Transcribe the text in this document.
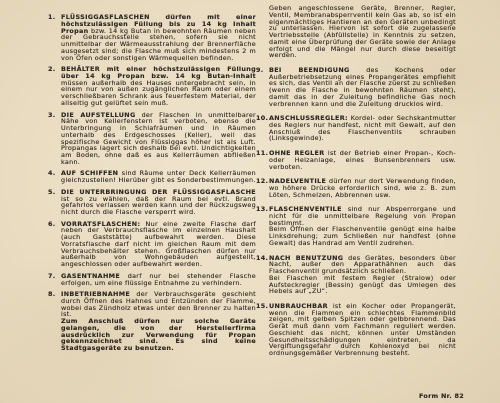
1. FLÜSSIGGASFLASCHEN dürfen mit einer höchstzulässigen Füllung bis zu 14 kg Inhalt Propan bzw. 14 kg Butan in bewohnten Räumen neben der Gebrauchsstelle stehen, sofern sie nicht unmittelbar der Wärmeausstrahlung der Brennerfläche ausgesetzt sind; die Flasche muß sich mindestens 2 m von Öfen oder sonstigen Wärmequellen befinden.
2. BEHÄLTER mit einer höchstzulässigen Füllung über 14 kg Propan bzw. 14 kg Butan-Inhalt müssen außerhalb des Hauses untergebracht sein, in einem nur von außen zugänglichen Raum oder einem verschließbaren Schrank aus feuerfestem Material, der allseitig gut gelüftet sein muß.
3. DIE AUFSTELLUNG der Flaschen in unmittelbarer Nähe von Kellerfenstern ist verboten, ebenso die Unterbringung in Schlafräumen und in Räumen unterhalb des Erdgeschosses (Keller), weil das spezifische Gewicht von Flüssiggas höher ist als Luft. Propangas lagert sich deshalb bei evtl. Undichtigkeiten am Boden, ohne daß es aus Kellerräumen abfließen kann.
4. AUF SCHIFFEN sind Räume unter Deck Kellerräumen gleichzustellen! Hierüber gibt es Sonderbestimmungen.
5. DIE UNTERBRINGUNG DER FLÜSSIGGASFLASCHE ist so zu wählen, daß der Raum bei evtl. Brand gefahrlos verlassen werden kann und der Rückzugsweg nicht durch die Flasche versperrt wird.
6. VORRATSFLASCHEN: Nur eine zweite Flasche darf neben der Verbrauchsflasche im einzelnen Haushalt (auch Gaststätte) aufbewahrt werden. Diese Vorratsflasche darf nicht im gleichen Raum mit dem Verbrauchsbehälter stehen. Großflaschen dürfen nur außerhalb von Wohngebäuden aufgestellt, angeschlossen oder aufbewahrt werden.
7. GASENTNAHME darf nur bei stehender Flasche erfolgen, um eine flüssige Entnahme zu verhindern.
8. INBETRIEBNAHME der Verbrauchsgeräte geschieht durch Öffnen des Hahnes und Entzünden der Flamme, wobei das Zündholz etwas unter den Brenner zu halten ist.
Zum Anschluß dürfen nur solche Geräte gelangen, die von der Herstellerfirma ausdrücklich zur Verwendung für Propan gekennzeichnet sind. Es sind keine Stadtgasgeräte zu benutzen.
Geben angeschlossene Geräte, Brenner, Regler, Ventil, Membranabsperrventil kein Gas ab, so ist ein eigenmächtiges Hantieren an den Geräten unbedingt zu unterlassen. Hiervon ist sofort die zugelassene Vertriebsstelle (Abfüllstelle) in Kenntnis zu setzen, damit eine Überprüfung der Geräte sowie der Anlage erfolgt und die Mängel nur durch diese beseitigt werden.
9. BEI BEENDIGUNG	des Kochens oder Außerbetriebsetzung eines Propangerätes empfiehlt es sich, das Ventil an der Flasche zuerst zu schließen (wenn die Flasche in bewohnten Räumen steht), damit das in der Zuleitung befindliche Gas noch verbrennen kann und die Zuleitung drucklos wird.
10. ANSCHLUSSREGLER: Kordel- oder Sechskantmutter des Reglers nur handfest, nicht mit Gewalt, auf den Anschluß des Flaschenventils schrauben (Linksgewinde).
11. OHNE REGLER ist der Betrieb einer Propan-, Koch- oder Heizanlage, eines Bunsenbrenners usw. verboten.
12. NADELVENTILE dürfen nur dort Verwendung finden, wo höhere Drücke erforderlich sind, wie z. B. zum Löten, Schmelzen, Abbrennen usw.
13. FLASCHENVENTILE sind nur Absperrorgane und nicht für die unmittelbare Regelung von Propan bestimmt.
Beim Öffnen der Flaschenventile genügt eine halbe Linksdrehung; zum Schließen nur handfest (ohne Gewalt) das Handrad am Ventil zudrehen.
14. NACH BENUTZUNG des Gerätes, besonders über Nacht, außer den Apparathähnen auch das Flaschenventil grundsätzlich schließen.
Bei Flaschen mit festem Regler (Stralow) oder Aufsteckregler (Bessin) genügt das Umlegen des Hebels auf „ZU“.
15. UNBRAUCHBAR ist ein Kocher oder Propangerät, wenn die Flammen ein schlechtes Flammenbild zeigen, mit gelben Spitzen oder gelbbrennend. Das Gerät muß dann vom Fachmann reguliert werden. Geschieht das nicht, können unter Umständen Gesundheitsschädigungen eintreten, da Vergiftungsgefahr durch Kohlenoxyd bei nicht ordnungsgemäßer Verbrennung besteht.
Form Nr. 82
